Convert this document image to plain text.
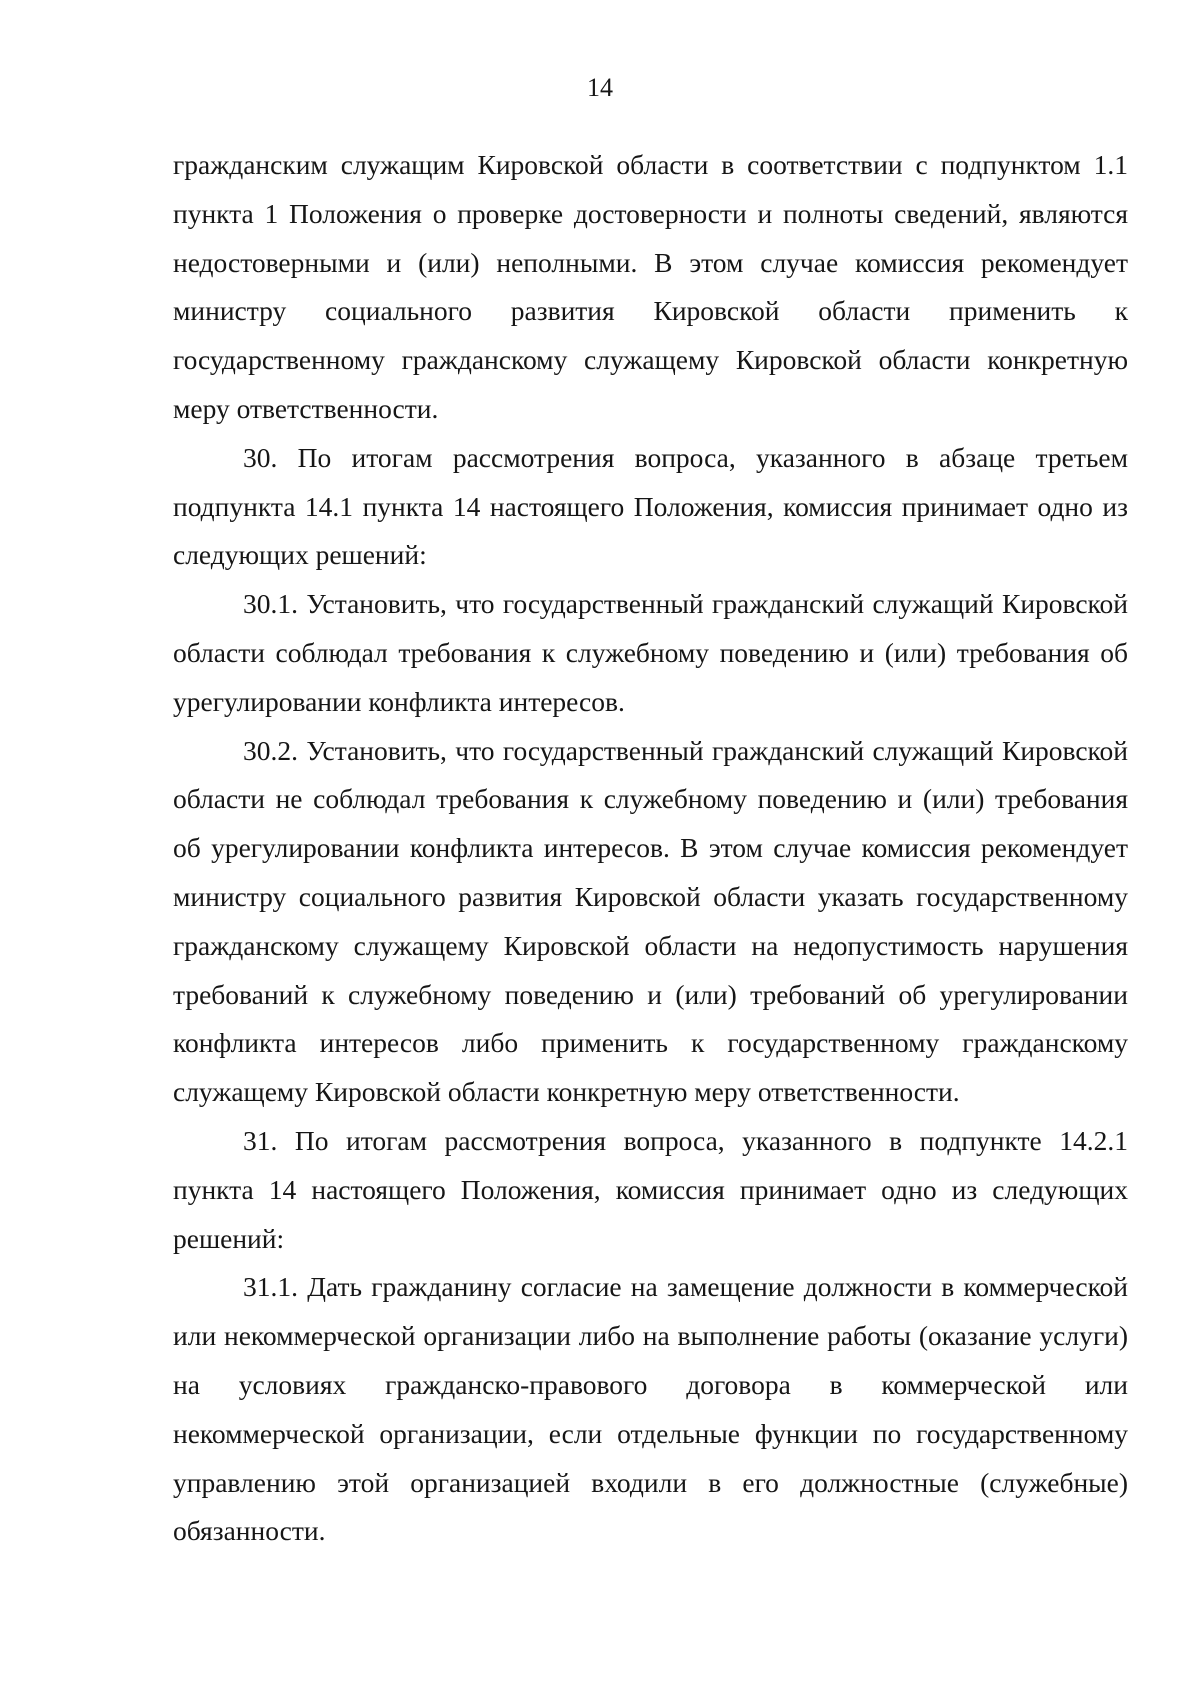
14

гражданским служащим Кировской области в соответствии с подпунктом 1.1 пункта 1 Положения о проверке достоверности и полноты сведений, являются недостоверными и (или) неполными. В этом случае комиссия рекомендует министру социального развития Кировской области применить к государственному гражданскому служащему Кировской области конкретную меру ответственности.

30. По итогам рассмотрения вопроса, указанного в абзаце третьем подпункта 14.1 пункта 14 настоящего Положения, комиссия принимает одно из следующих решений:

30.1. Установить, что государственный гражданский служащий Кировской области соблюдал требования к служебному поведению и (или) требования об урегулировании конфликта интересов.

30.2. Установить, что государственный гражданский служащий Кировской области не соблюдал требования к служебному поведению и (или) требования об урегулировании конфликта интересов. В этом случае комиссия рекомендует министру социального развития Кировской области указать государственному гражданскому служащему Кировской области на недопустимость нарушения требований к служебному поведению и (или) требований об урегулировании конфликта интересов либо применить к государственному гражданскому служащему Кировской области конкретную меру ответственности.

31. По итогам рассмотрения вопроса, указанного в подпункте 14.2.1 пункта 14 настоящего Положения, комиссия принимает одно из следующих решений:

31.1. Дать гражданину согласие на замещение должности в коммерческой или некоммерческой организации либо на выполнение работы (оказание услуги) на условиях гражданско-правового договора в коммерческой или некоммерческой организации, если отдельные функции по государственному управлению этой организацией входили в его должностные (служебные) обязанности.
